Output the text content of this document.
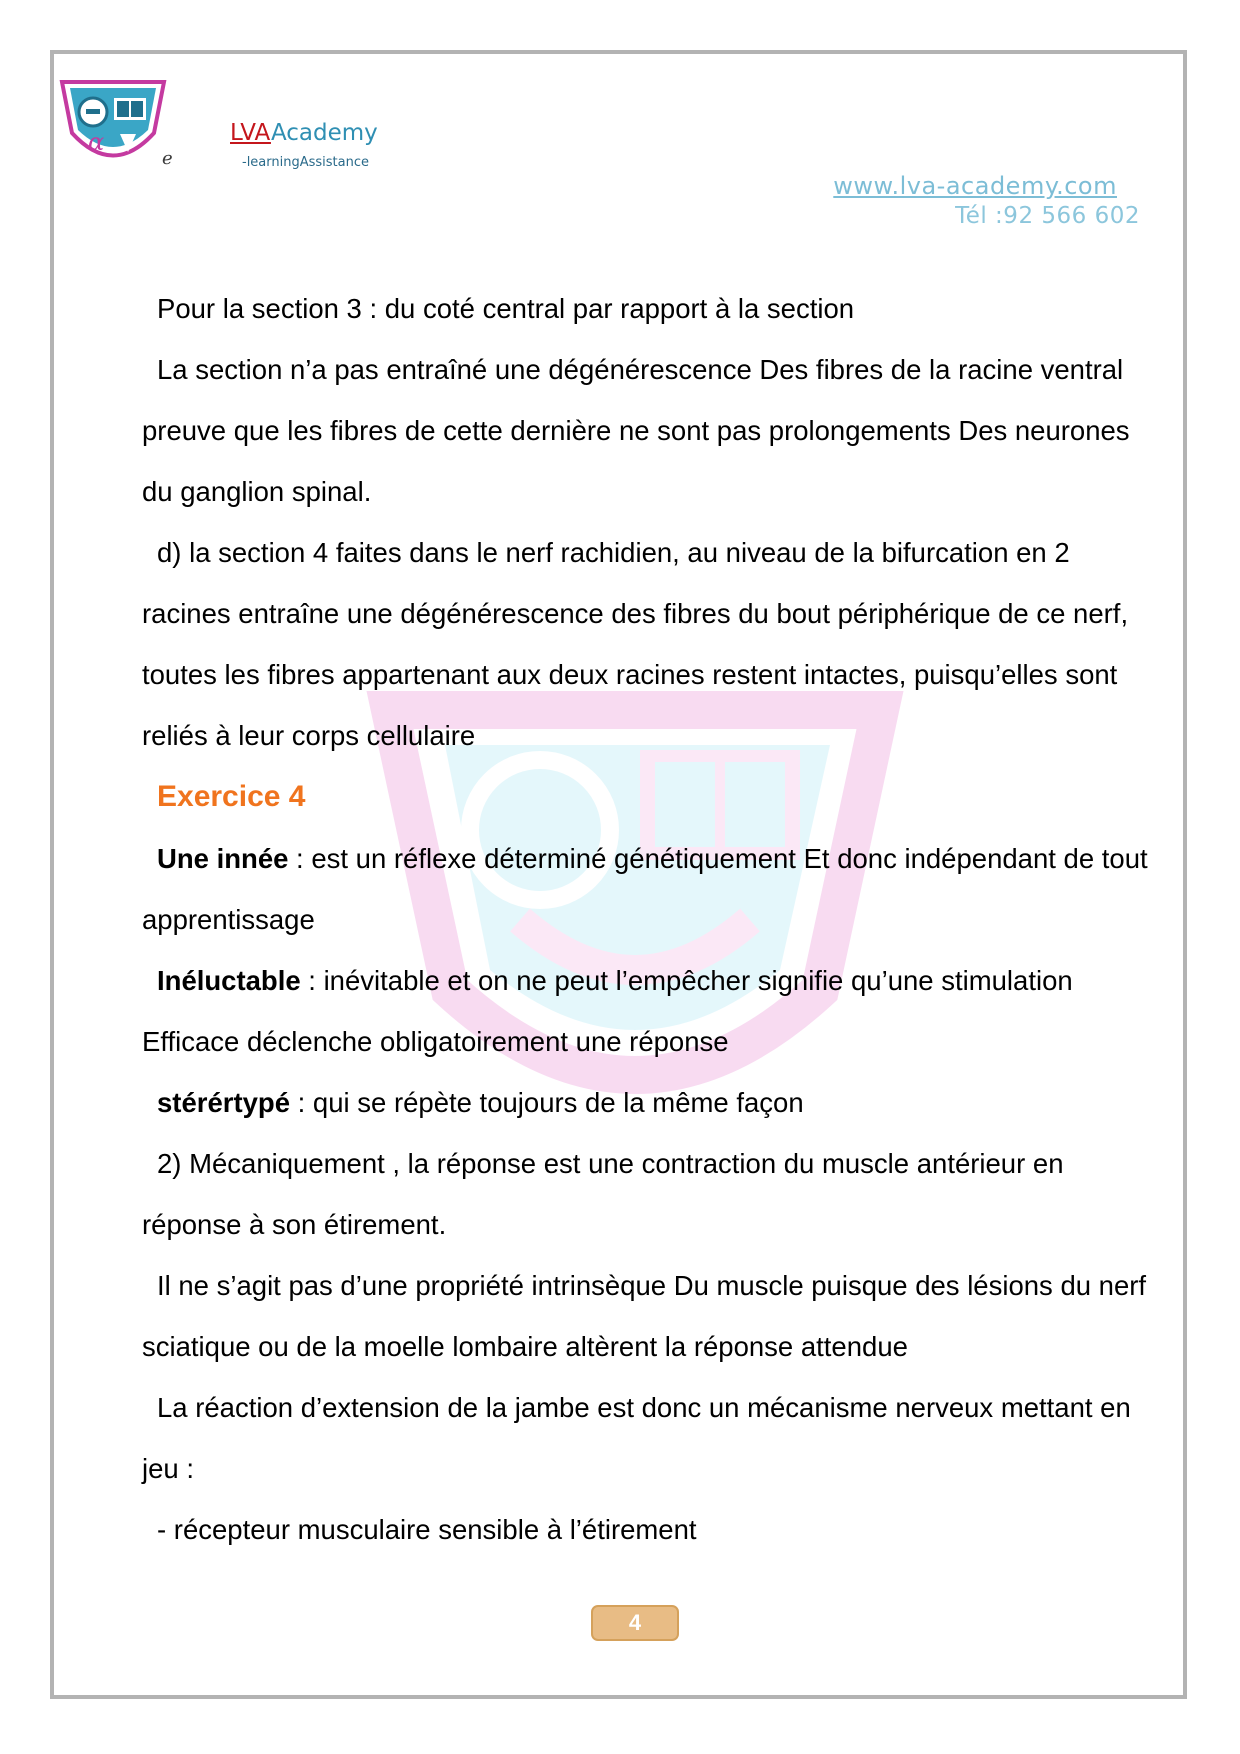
α
e
LVAAcademy
-learningAssistance
www.lva-academy.com
Tél :92 566 602

Pour la section 3 : du coté central par rapport à la section

La section n’a pas entraîné une dégénérescence Des fibres de la racine ventral preuve que les fibres de cette dernière ne sont pas prolongements Des neurones du ganglion spinal.

d) la section 4 faites dans le nerf rachidien, au niveau de la bifurcation en 2 racines entraîne une dégénérescence des fibres du bout périphérique de ce nerf, toutes les fibres appartenant aux deux racines restent intactes, puisqu’elles sont reliés à leur corps cellulaire

Exercice 4

Une innée : est un réflexe déterminé génétiquement Et donc indépendant de tout apprentissage

Inéluctable : inévitable et on ne peut l’empêcher signifie qu’une stimulation Efficace déclenche obligatoirement une réponse

stérértypé : qui se répète toujours de la même façon

2) Mécaniquement , la réponse est une contraction du muscle antérieur en réponse à son étirement.

Il ne s’agit pas d’une propriété intrinsèque Du muscle puisque des lésions du nerf sciatique ou de la moelle lombaire altèrent la réponse attendue

La réaction d’extension de la jambe est donc un mécanisme nerveux mettant en jeu :

- récepteur musculaire sensible à l’étirement

4
